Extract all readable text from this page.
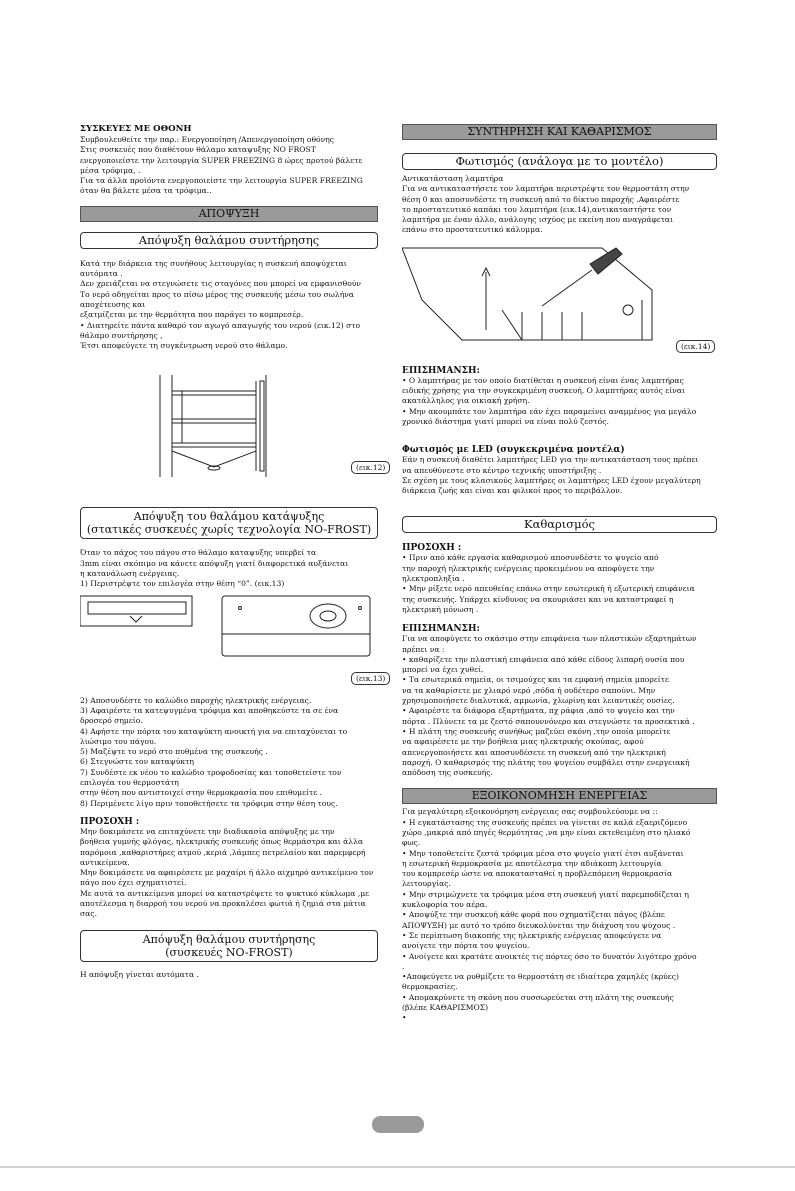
ΣΥΣΚΕΥΕΣ ΜΕ ΟΘΟΝΗ

Συμβουλευθείτε την παρ.: Ενεργοποίηση /Απενεργοποίηση οθόνης

Στις συσκευές που διαθέτουν θάλαμο καταψυξης NO FROST

ενεργοποιείστε την λειτουργία SUPER FREEZING 8 ώρες προτού βάλετε

μέσα τρόφιμα, .

Για τα άλλα προϊόντα ενεργοποιείστε την λειτουργία SUPER FREEZING

όταν θα βάλετε μέσα τα τρόφιμα..

ΑΠΟΨΥΞΗ
Απόψυξη θαλάμου συντήρησης

Κατά την διάρκεια της συνήθους λειτουργίας η συσκευή αποψύχεται

αυτόματα .

Δεν χρειάζεται να στεγνώσετε τις σταγόνες που μπορεί να εμφανισθούν

Το νερό οδηγείται προς το πίσω μέρος της συσκευής μέσω του σωλήνα

αποχέτευσης και

εξατμίζεται με την θερμότητα που παράγει το κομπρεσέρ.

• Διατηρείτε πάντα καθαρό τον αγωγό απαγωγής του νερού (εικ.12) στο

θάλαμο συντήρησης ,

Έτσι αποφεύγετε τη συγκέντρωση νερού στο θάλαμο.

(εικ.12)
Απόψυξη του θαλάμου κατάψυξης
(στατικές συσκευές χωρίς τεχνολογία NO-FROST)

Όταν το πάχος του πάγου στο θάλαμο καταψυξης υπερβεί τα

3mm είναι σκόπιμο να κάνετε απόψυξη γιατί διαφορετικά αυξάνεται

η κατανάλωση ενέργειας.

1) Περιστρέψτε τον επιλογέα στην θέση “0”. (εικ.13)

(εικ.13)

2) Αποσυνδέστε το καλώδιο παροχής ηλεκτρικής ενέργειας.

3) Αφαιρέστε τα κατεψυγμένα τρόφιμα και αποθηκεύστε τα σε ένα

δροσερό σημείο.

4) Αφήστε την πόρτα του καταψύκτη ανοικτή για να επιταχύνεται το

λιώσιμο του πάγου.

5) Μαζέψτε το νερό στο πυθμένα της συσκευής .

6) Στεγνώστε τον καταψύκτη

7) Συνδέστε εκ νέου το καλώδιο τροφοδοσίας και τοποθετείστε τον

επιλογέα του θερμοστάτη

στην θέση που αντιστοιχεί στην θερμοκρασία που επιθυμείτε .

8) Περιμένετε λίγο πριν τοποθετήσετε τα τρόφιμα στην θέση τους.

ΠΡΟΣΟΧΗ :

Μην δοκιμάσετε να επιταχύνετε την διαδικασία απόψυξης με την

βοήθεια γυμνής φλόγας, ηλεκτρικής συσκευής όπως θερμάστρα και άλλα

παρόμοια ,καθαριστήρες ατμού ,κεριά ,λάμπες πετρελαίου και παρεμφερή

αντικείμενα.

Μην δοκιμάσετε να αφαιρέσετε με μαχαίρι ή άλλο αιχμηρό αντικείμενο τον

πάγο που έχει σχηματιστεί.

Με αυτά τα αντικείμενα μπορεί να καταστρέψετε το ψυκτικό κύκλωμα ,με

αποτέλεσμα η διαρροή του νερού να προκαλέσει φωτιά ή ζημιά στα μάτια

σας.

Απόψυξη θαλάμου συντήρησης
(συσκευές NO-FROST)

Η απόψυξη γίνεται αυτόματα .

ΣΥΝΤΗΡΗΣΗ ΚΑΙ ΚΑΘΑΡΙΣΜΟΣ
Φωτισμός (ανάλογα με το μοντέλο)

Αντικατάσταση λαμπτήρα

Για να αντικαταστήσετε τον λαμπτήρα περιστρέψτε τον θερμοστάτη στην

θέση 0 και αποσυνδέστε τη συσκευή από το δίκτυο παροχής .Αφαιρέστε

το προστατευτικό καπάκι του λαμπτήρα (εικ.14),αντικαταστήστε τον

λαμπτήρα με έναν άλλο, ανάλογης ισχύος με εκείνη που αναγράφεται

επάνω στο προστατευτικό κάλυμμα.

(εικ.14)

ΕΠΙΣΗΜΑΝΣΗ:

• Ο λαμπτήρας με τον οποίο διατίθεται η συσκευή είναι ένας λαμπτήρας

ειδικής χρήσης για την συγκεκριμένη συσκευή. Ο λαμπτήρας αυτός είναι

ακατάλληλος για οικιακή χρήση.

• Μην ακουμπάτε τον λαμπτήρα εάν έχει παραμείνει αναμμένος για μεγάλο

χρονικό διάστημα γιατί μπορεί να είναι πολύ ζεστός.

Φωτισμός με LED (συγκεκριμένα μοντέλα)

Εάν η συσκευή διαθέτει λαμπτήρες LED για την αντικατάσταση τους πρέπει

να απευθύνεστε στο κέντρο τεχνικής υποστήριξης .

Σε σχέση με τους κλασικούς λαμπτήρες οι λαμπτήρες LED έχουν μεγαλύτερη

διάρκεια ζωής και είναι και φιλικοί προς το περιβάλλον.

Καθαρισμός

ΠΡΟΣΟΧΗ :

• Πριν από κάθε εργασία καθαρισμού αποσυνδέστε το ψυγείο από

την παροχή ηλεκτρικής ενέργειας προκειμένου να αποφύγετε την

ηλεκτροπληξία .

• Μην ρίξετε νερό απευθείας επάνω στην εσωτερική ή εξωτερική επιφάνεια

της συσκευής. Υπάρχει κίνδυνος να σκουριάσει και να καταστραφεί η

ηλεκτρική μόνωση .

ΕΠΙΣΗΜΑΝΣΗ:

Για να αποφύγετε το σκάσιμο στην επιφάνεια των πλαστικών εξαρτημάτων

πρέπει να :

• καθαρίζετε την πλαστική επιφάνεια από κάθε είδους λιπαρή ουσία που

μπορεί να έχει χυθεί.

• Τα εσωτερικά σημεία, οι τσιμούχες και τα εμφανή σημεία μπορείτε

να τα καθαρίσετε με χλιαρό νερό ,σόδα ή ουδέτερο σαπούνι. Μην

χρησιμοποιήσετε διαλυτικά, αμμωνία, χλωρίνη και λειαντικές ουσίες.

• Αφαιρέστε τα διάφορα εξαρτήματα, πχ ράφια ,από το ψυγείο και την

πόρτα . Πλύνετε τα με ζεστό σαπουννόνερο και στεγνώστε τα προσεκτικά .

• Η πλάτη της συσκευής συνήθως μαζεύει σκόνη ,την οποία μπορείτε

να αφαιρέσετε με την βοήθεια μιας ηλεκτρικής σκούπας, αφού

απενεργοποιήσετε και αποσυνδέσετε τη συσκευή από την ηλεκτρική

παροχή. Ο καθαρισμός της πλάτης του ψυγείου συμβάλει στην ενεργειακή

απόδοση της συσκευής.

ΕΞΟΙΚΟΝΟΜΗΣΗ ΕΝΕΡΓΕΙΑΣ

Για μεγαλύτερη εξοικονόμηση ενέργειας σας συμβουλεύουμε να ::

• Η εγκατάστασης της συσκευής πρέπει να γίνεται σε καλά εξαεριζόμενο

χώρο ,μακριά από πηγές θερμότητας ,να μην είναι εκτεθειμένη στο ηλιακό

φως.

• Μην τοποθετείτε ζεστά τρόφιμα μέσα στο ψυγείο γιατί έτσι αυξάνεται

η εσωτερική θερμοκρασία με αποτέλεσμα την αδιάκοπη λειτουργία

του κομπρεσέρ ώστε να αποκατασταθεί η προβλεπόμενη θερμοκρασία

λειτουργίας.

• Μην στριμώχνετε τα τρόφιμα μέσα στη συσκευή γιατί παρεμποδίζεται η

κυκλοφορία του αέρα.

• Αποψύξτε την συσκευή κάθε φορά που σχηματίζεται πάγος (βλέπε

ΑΠΟΨΥΞΗ) με αυτό το τρόπο διευκολύνεται την διάχυση του ψύχους .

• Σε περίπτωση διακοπής της ηλεκτρικής ενέργειας αποφεύγετε να

ανοίγετε την πόρτα του ψυγείου.

• Ανοίγετε και κρατάτε ανοικτές τις πόρτες όσο το δυνατόν λιγότερο χρόνο

.

•Αποφεύγετε να ρυθμίζετε το θερμοστάτη σε ιδιαίτερα χαμηλές (κρύες)

θερμοκρασίες.

• Απομακρύνετε τη σκόνη που συσσωρεύεται στη πλάτη της συσκευής

(βλέπε ΚΑΘΑΡΙΣΜΟΣ)

•
